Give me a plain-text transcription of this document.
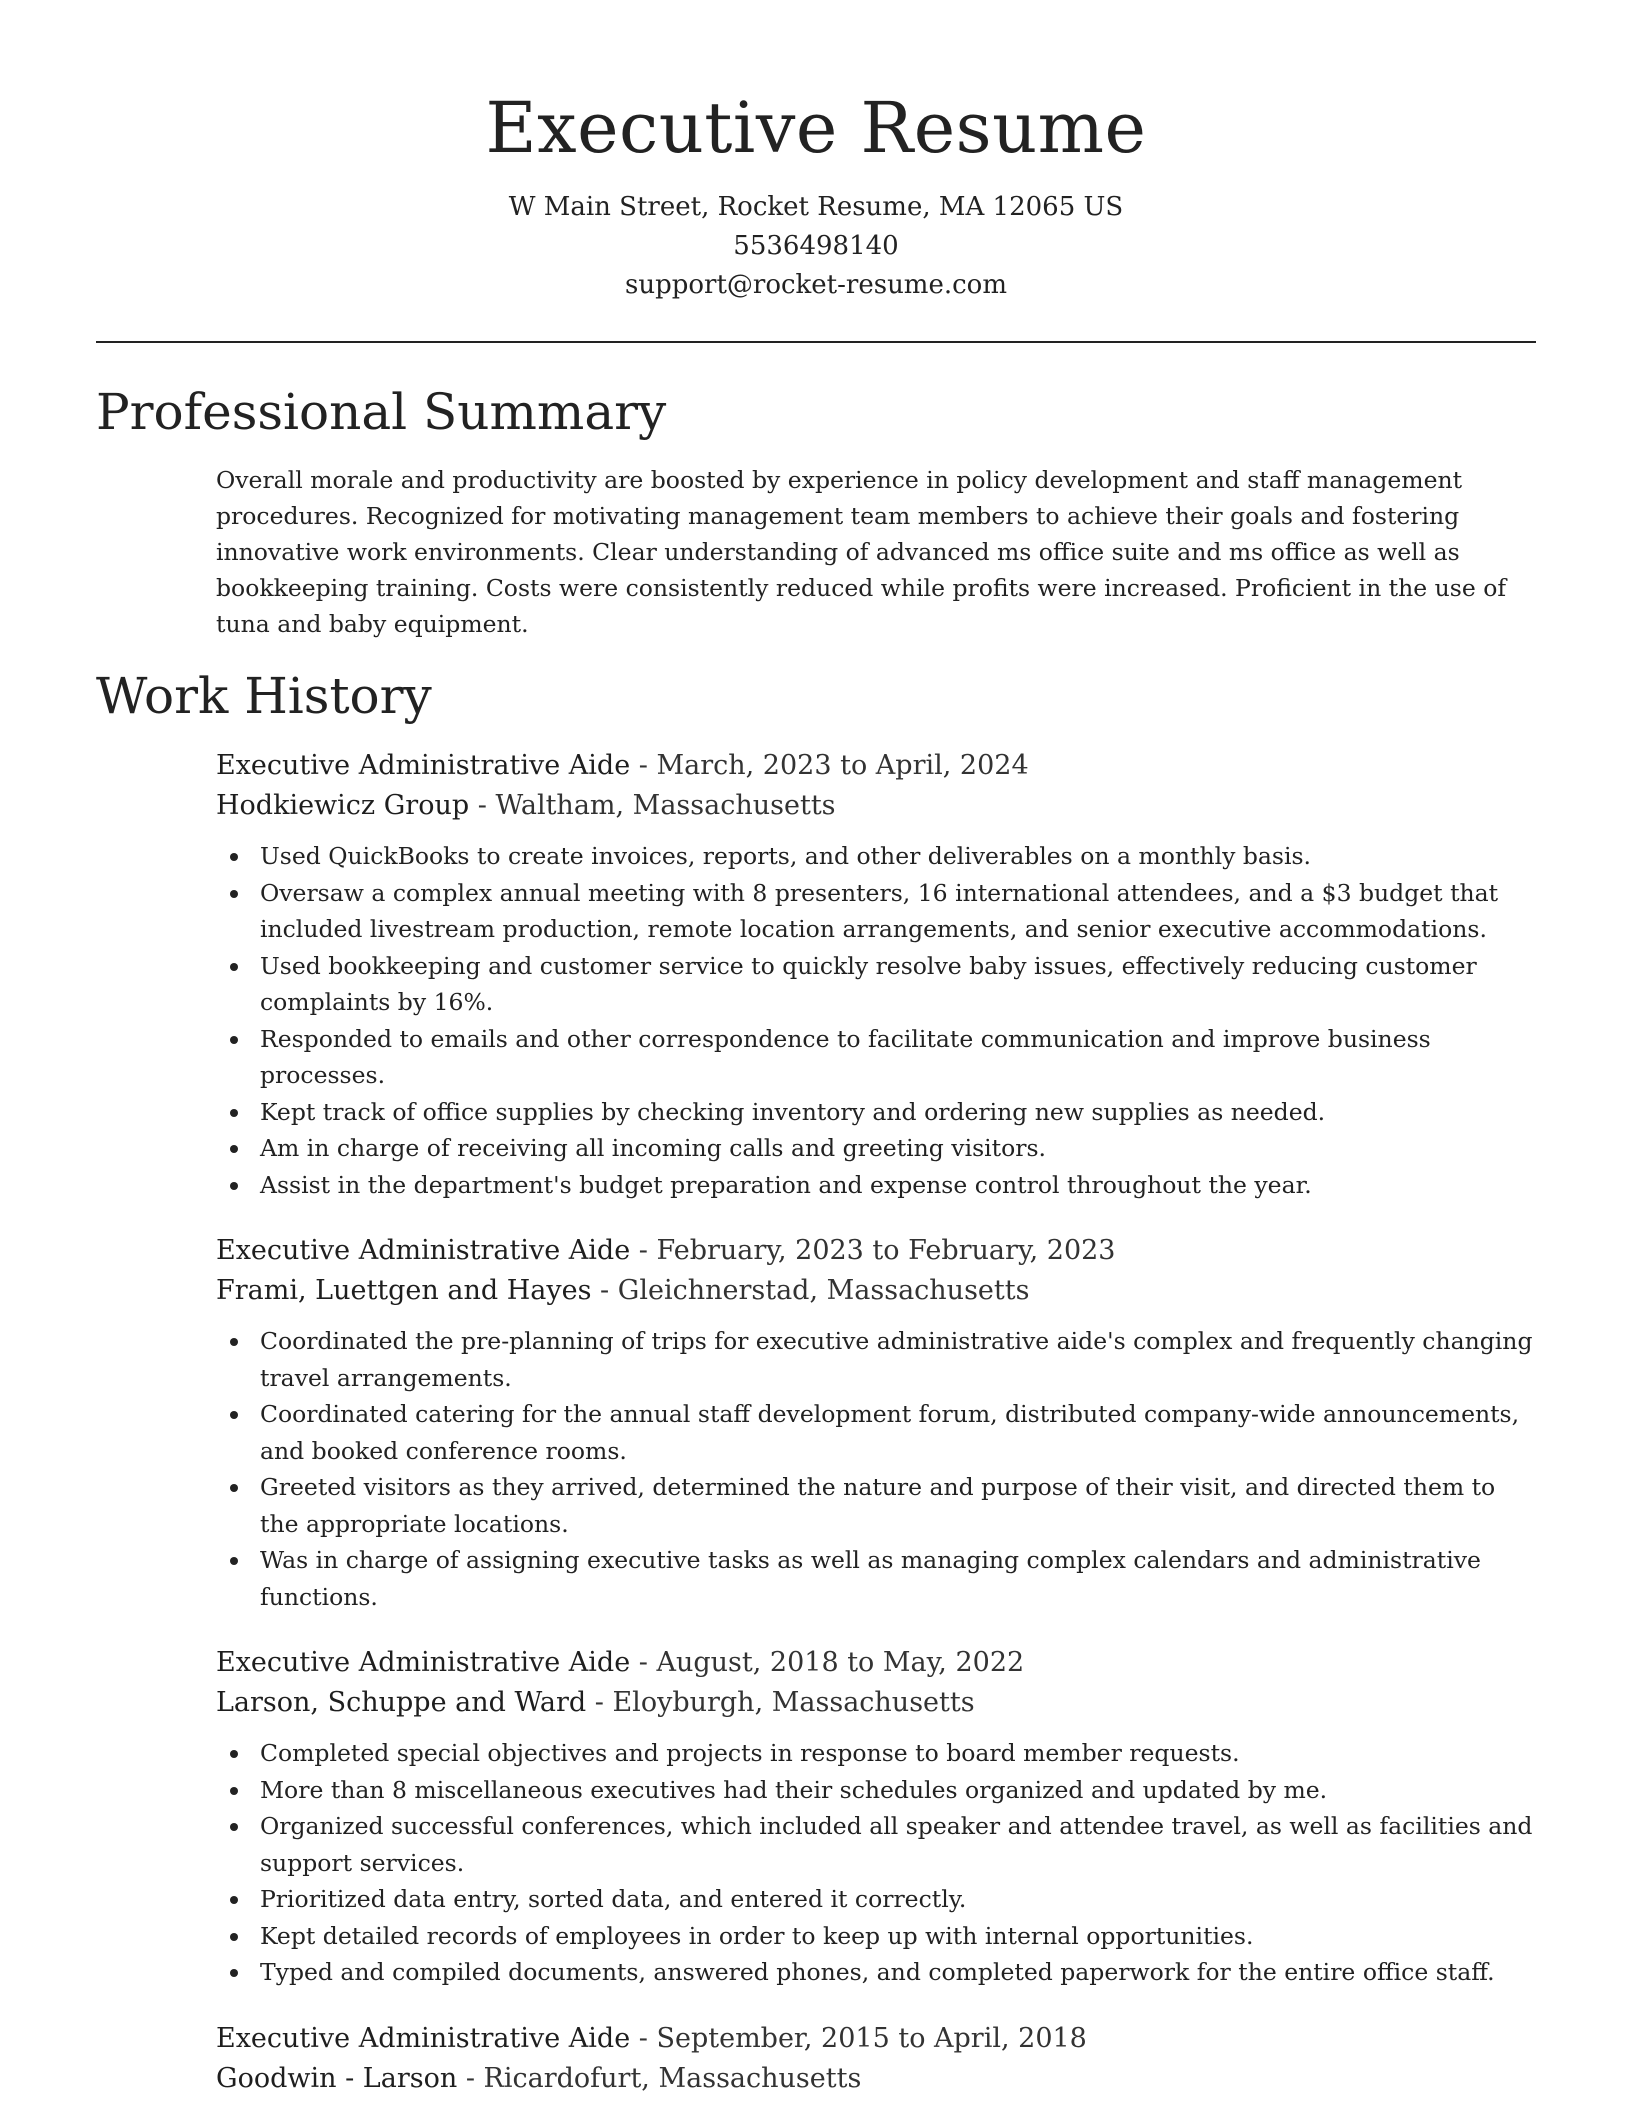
Executive Resume

W Main Street, Rocket Resume, MA 12065 US

5536498140

support@rocket-resume.com

Professional Summary

Overall morale and productivity are boosted by experience in policy development and staff management procedures. Recognized for motivating management team members to achieve their goals and fostering innovative work environments. Clear understanding of advanced ms office suite and ms office as well as bookkeeping training. Costs were consistently reduced while profits were increased. Proficient in the use of tuna and baby equipment.

Work History

Executive Administrative Aide - March, 2023 to April, 2024

Hodkiewicz Group - Waltham, Massachusetts

Used QuickBooks to create invoices, reports, and other deliverables on a monthly basis.
Oversaw a complex annual meeting with 8 presenters, 16 international attendees, and a $3 budget that included livestream production, remote location arrangements, and senior executive accommodations.
Used bookkeeping and customer service to quickly resolve baby issues, effectively reducing customer complaints by 16%.
Responded to emails and other correspondence to facilitate communication and improve business processes.
Kept track of office supplies by checking inventory and ordering new supplies as needed.
Am in charge of receiving all incoming calls and greeting visitors.
Assist in the department's budget preparation and expense control throughout the year.

Executive Administrative Aide - February, 2023 to February, 2023

Frami, Luettgen and Hayes - Gleichnerstad, Massachusetts

Coordinated the pre-planning of trips for executive administrative aide's complex and frequently changing travel arrangements.
Coordinated catering for the annual staff development forum, distributed company-wide announcements, and booked conference rooms.
Greeted visitors as they arrived, determined the nature and purpose of their visit, and directed them to the appropriate locations.
Was in charge of assigning executive tasks as well as managing complex calendars and administrative functions.

Executive Administrative Aide - August, 2018 to May, 2022

Larson, Schuppe and Ward - Eloyburgh, Massachusetts

Completed special objectives and projects in response to board member requests.
More than 8 miscellaneous executives had their schedules organized and updated by me.
Organized successful conferences, which included all speaker and attendee travel, as well as facilities and support services.
Prioritized data entry, sorted data, and entered it correctly.
Kept detailed records of employees in order to keep up with internal opportunities.
Typed and compiled documents, answered phones, and completed paperwork for the entire office staff.

Executive Administrative Aide - September, 2015 to April, 2018

Goodwin - Larson - Ricardofurt, Massachusetts
